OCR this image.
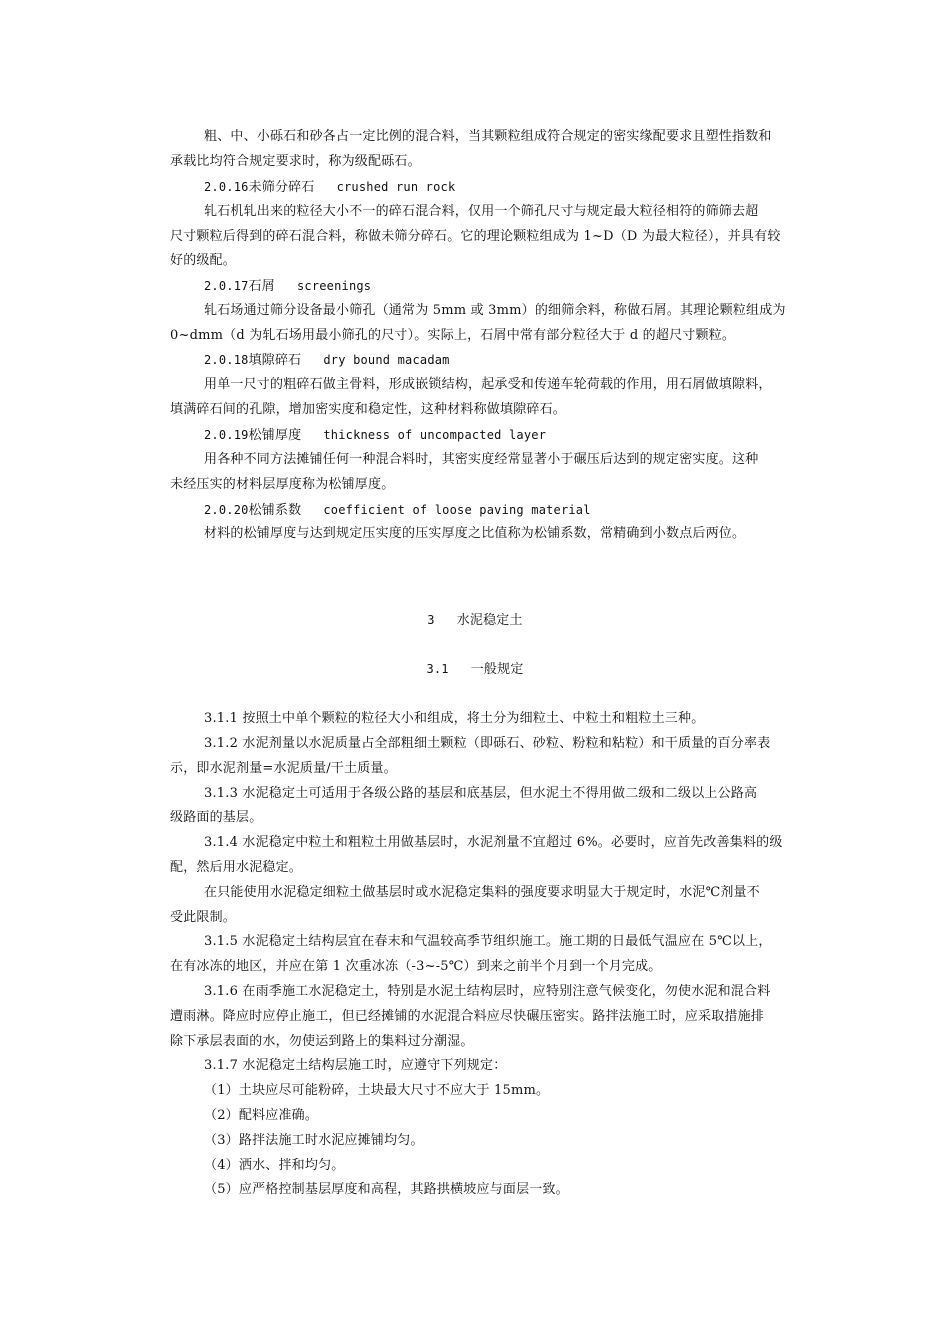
粗、中、小砾石和砂各占一定比例的混合料，当其颗粒组成符合规定的密实缘配要求且塑性指数和
承载比均符合规定要求时，称为级配砾石。
2.0.16未筛分碎石 crushed run rock
轧石机轧出来的粒径大小不一的碎石混合料，仅用一个筛孔尺寸与规定最大粒径相符的筛筛去超
尺寸颗粒后得到的碎石混合料，称做未筛分碎石。它的理论颗粒组成为 1~D（D 为最大粒径），并具有较
好的级配。
2.0.17石屑 screenings
轧石场通过筛分设备最小筛孔（通常为 5mm 或 3mm）的细筛余料，称做石屑。其理论颗粒组成为
0~dmm（d 为轧石场用最小筛孔的尺寸）。实际上，石屑中常有部分粒径大于 d 的超尺寸颗粒。
2.0.18填隙碎石 dry bound macadam
用单一尺寸的粗碎石做主骨料，形成嵌锁结构，起承受和传递车轮荷载的作用，用石屑做填隙料，
填满碎石间的孔隙，增加密实度和稳定性，这种材料称做填隙碎石。
2.0.19松铺厚度 thickness of uncompacted layer
用各种不同方法摊铺任何一种混合料时，其密实度经常显著小于碾压后达到的规定密实度。这种
未经压实的材料层厚度称为松铺厚度。
2.0.20松铺系数 coefficient of loose paving material
材料的松铺厚度与达到规定压实度的压实厚度之比值称为松铺系数，常精确到小数点后两位。
3 水泥稳定土
3.1 一般规定
3.1.1 按照土中单个颗粒的粒径大小和组成，将土分为细粒土、中粒土和粗粒土三种。
3.1.2 水泥剂量以水泥质量占全部粗细土颗粒（即砾石、砂粒、粉粒和粘粒）和干质量的百分率表
示，即水泥剂量=水泥质量/干土质量。
3.1.3 水泥稳定土可适用于各级公路的基层和底基层，但水泥土不得用做二级和二级以上公路高
级路面的基层。
3.1.4 水泥稳定中粒土和粗粒土用做基层时，水泥剂量不宜超过 6%。必要时，应首先改善集料的级
配，然后用水泥稳定。
在只能使用水泥稳定细粒土做基层时或水泥稳定集料的强度要求明显大于规定时，水泥℃剂量不
受此限制。
3.1.5 水泥稳定土结构层宜在春末和气温较高季节组织施工。施工期的日最低气温应在 5℃以上，
在有冰冻的地区，并应在第 1 次重冰冻（-3~-5℃）到来之前半个月到一个月完成。
3.1.6 在雨季施工水泥稳定土，特别是水泥土结构层时，应特别注意气候变化，勿使水泥和混合料
遭雨淋。降应时应停止施工，但已经摊铺的水泥混合料应尽快碾压密实。路拌法施工时，应采取措施排
除下承层表面的水，勿使运到路上的集料过分潮湿。
3.1.7 水泥稳定土结构层施工时，应遵守下列规定：
（1）土块应尽可能粉碎，土块最大尺寸不应大于 15mm。
（2）配料应准确。
（3）路拌法施工时水泥应摊铺均匀。
（4）洒水、拌和均匀。
（5）应严格控制基层厚度和高程，其路拱横坡应与面层一致。
